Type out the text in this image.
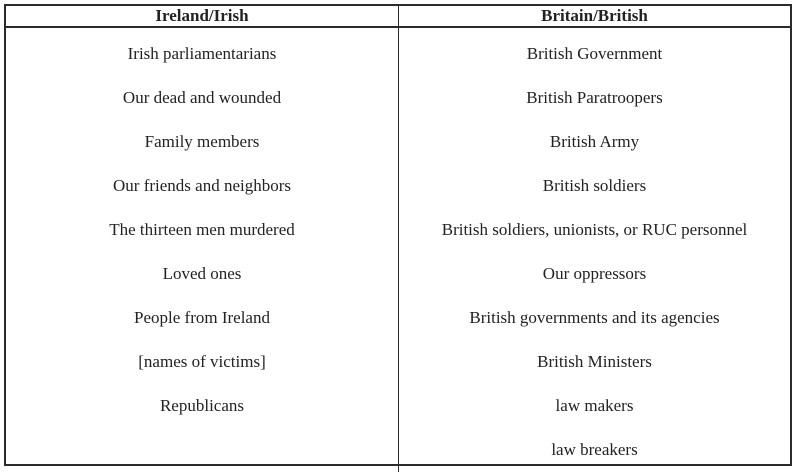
Ireland/Irish	Britain/British
Irish parliamentarians
Our dead and wounded
Family members
Our friends and neighbors
The thirteen men murdered
Loved ones
People from Ireland
[names of victims]
Republicans
British Government
British Paratroopers
British Army
British soldiers
British soldiers, unionists, or RUC personnel
Our oppressors
British governments and its agencies
British Ministers
law makers
law breakers
